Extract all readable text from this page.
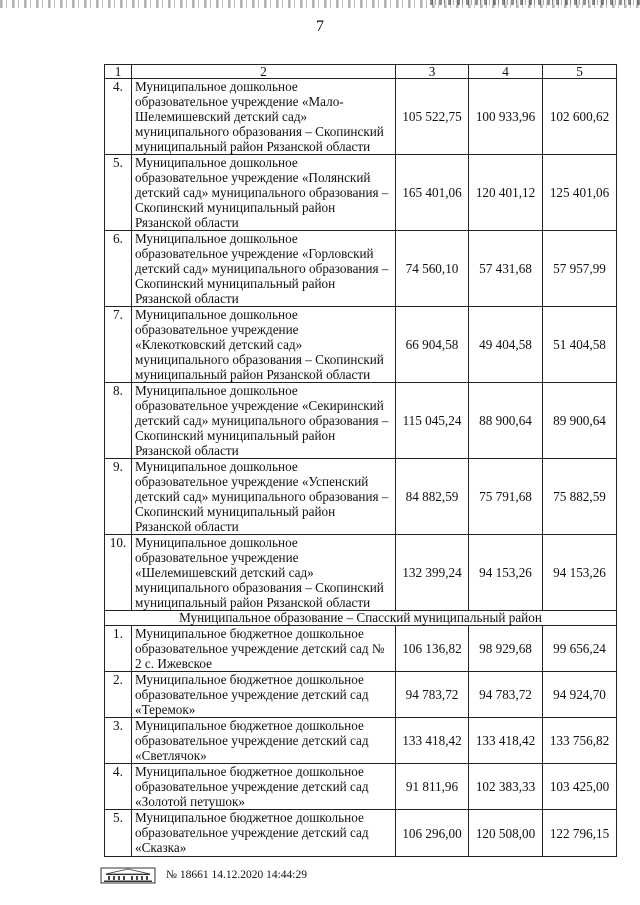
7
1	2	3	4	5
4.	Муниципальное дошкольное образовательное учреждение «Мало-Шелемишевский детский сад» муниципального образования – Скопинский муниципальный район Рязанской области	105 522,75	100 933,96	102 600,62
5.	Муниципальное дошкольное образовательное учреждение «Полянский детский сад» муниципального образования – Скопинский муниципальный район Рязанской области	165 401,06	120 401,12	125 401,06
6.	Муниципальное дошкольное образовательное учреждение «Горловский детский сад» муниципального образования – Скопинский муниципальный район Рязанской области	74 560,10	57 431,68	57 957,99
7.	Муниципальное дошкольное образовательное учреждение «Клекотковский детский сад» муниципального образования – Скопинский муниципальный район Рязанской области	66 904,58	49 404,58	51 404,58
8.	Муниципальное дошкольное образовательное учреждение «Секиринский детский сад» муниципального образования – Скопинский муниципальный район Рязанской области	115 045,24	88 900,64	89 900,64
9.	Муниципальное дошкольное образовательное учреждение «Успенский детский сад» муниципального образования – Скопинский муниципальный район Рязанской области	84 882,59	75 791,68	75 882,59
10.	Муниципальное дошкольное образовательное учреждение «Шелемишевский детский сад» муниципального образования – Скопинский муниципальный район Рязанской области	132 399,24	94 153,26	94 153,26
Муниципальное образование – Спасский муниципальный район				
1.	Муниципальное бюджетное дошкольное образовательное учреждение детский сад № 2 с. Ижевское	106 136,82	98 929,68	99 656,24
2.	Муниципальное бюджетное дошкольное образовательное учреждение детский сад «Теремок»	94 783,72	94 783,72	94 924,70
3.	Муниципальное бюджетное дошкольное образовательное учреждение детский сад «Светлячок»	133 418,42	133 418,42	133 756,82
4.	Муниципальное бюджетное дошкольное образовательное учреждение детский сад «Золотой петушок»	91 811,96	102 383,33	103 425,00
5.	Муниципальное бюджетное дошкольное образовательное учреждение детский сад «Сказка»	106 296,00	120 508,00	122 796,15
№ 18661 14.12.2020 14:44:29
